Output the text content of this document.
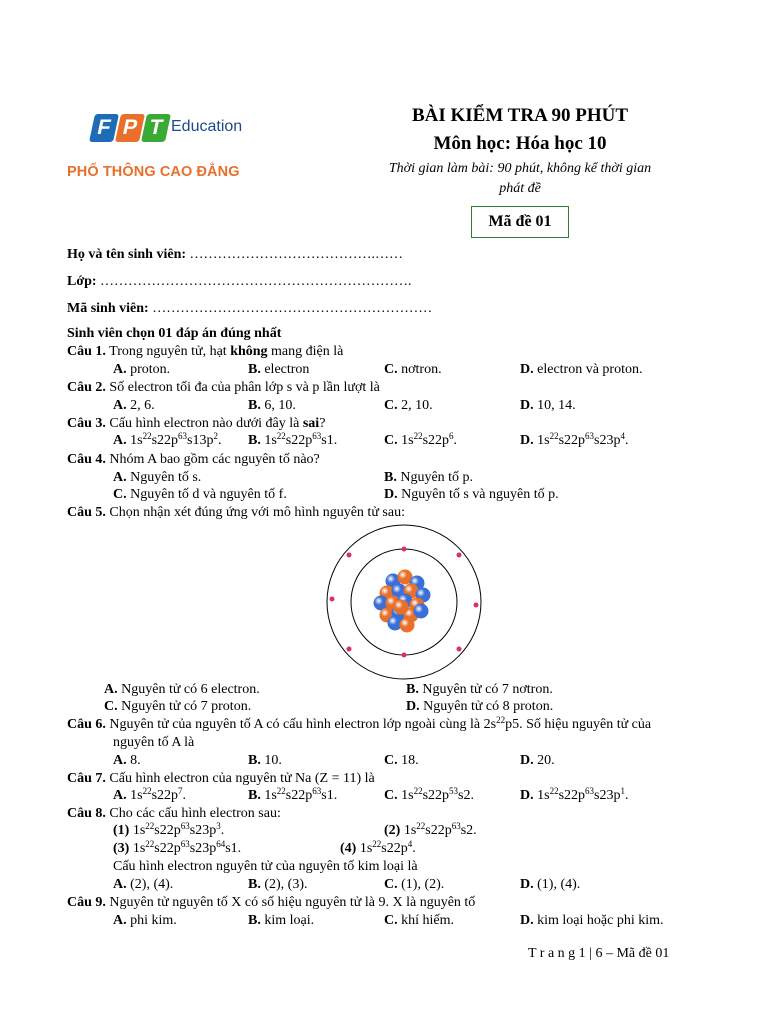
F P T Education
PHỔ THÔNG CAO ĐẲNG
BÀI KIỂM TRA 90 PHÚT
Môn học: Hóa học 10
Thời gian làm bài: 90 phút, không kể thời gian
phát đề
Mã đề 01
Họ và tên sinh viên: ………………………………….……
Lớp: ………………………………………………………….
Mã sinh viên: ……………………………………………………
Sinh viên chọn 01 đáp án đúng nhất
Câu 1. Trong nguyên tử, hạt không mang điện là
A. proton.	B. electron	C. nơtron.	D. electron và proton.
Câu 2. Số electron tối đa của phân lớp s và p lần lượt là
A. 2, 6.	B. 6, 10.	C. 2, 10.	D. 10, 14.
Câu 3. Cấu hình electron nào dưới đây là sai?
A. $1s^{22}s22p^{63}s13p^2$. B. $1s^{22}s22p^{63}s1$.	C. $1s^{22}s22p^6$.	D. $1s^{22}s22p^{63}s23p^4$.
Câu 4. Nhóm A bao gồm các nguyên tố nào?
A. Nguyên tố s.	B. Nguyên tố p.
C. Nguyên tố d và nguyên tố f.	D. Nguyên tố s và nguyên tố p.
Câu 5. Chọn nhận xét đúng ứng với mô hình nguyên tử sau:
A. Nguyên tử có 6 electron.	B. Nguyên tử có 7 nơtron.
C. Nguyên tử có 7 proton.	D. Nguyên tử có 8 proton.
Câu 6. Nguyên tử của nguyên tố A có cấu hình electron lớp ngoài cùng là $2s^{22}p5$. Số hiệu nguyên tử của
nguyên tố A là
A. 8.	B. 10.	C. 18.	D. 20.
Câu 7. Cấu hình electron của nguyên tử Na (Z = 11) là
A. $1s^{22}s22p^7$.	B. $1s^{22}s22p^{63}s1$.	C. $1s^{22}s22p^{53}s2$.	D. $1s^{22}s22p^{63}s23p^1$.
Câu 8. Cho các cấu hình electron sau:
(1) $1s^{22}s22p^{63}s23p^3$.	(2) $1s^{22}s22p^{63}s2$.
(3) $1s^{22}s22p^{63}s23p^{64}s1$.	(4) $1s^{22}s22p^4$.
Cấu hình electron nguyên tử của nguyên tố kim loại là
A. (2), (4).	B. (2), (3).	C. (1), (2).	D. (1), (4).
Câu 9. Nguyên tử nguyên tố X có số hiệu nguyên tử là 9. X là nguyên tố
A. phi kim.	B. kim loại.	C. khí hiếm.	D. kim loại hoặc phi kim.
T r a n g 1 | 6 – Mã đề 01
